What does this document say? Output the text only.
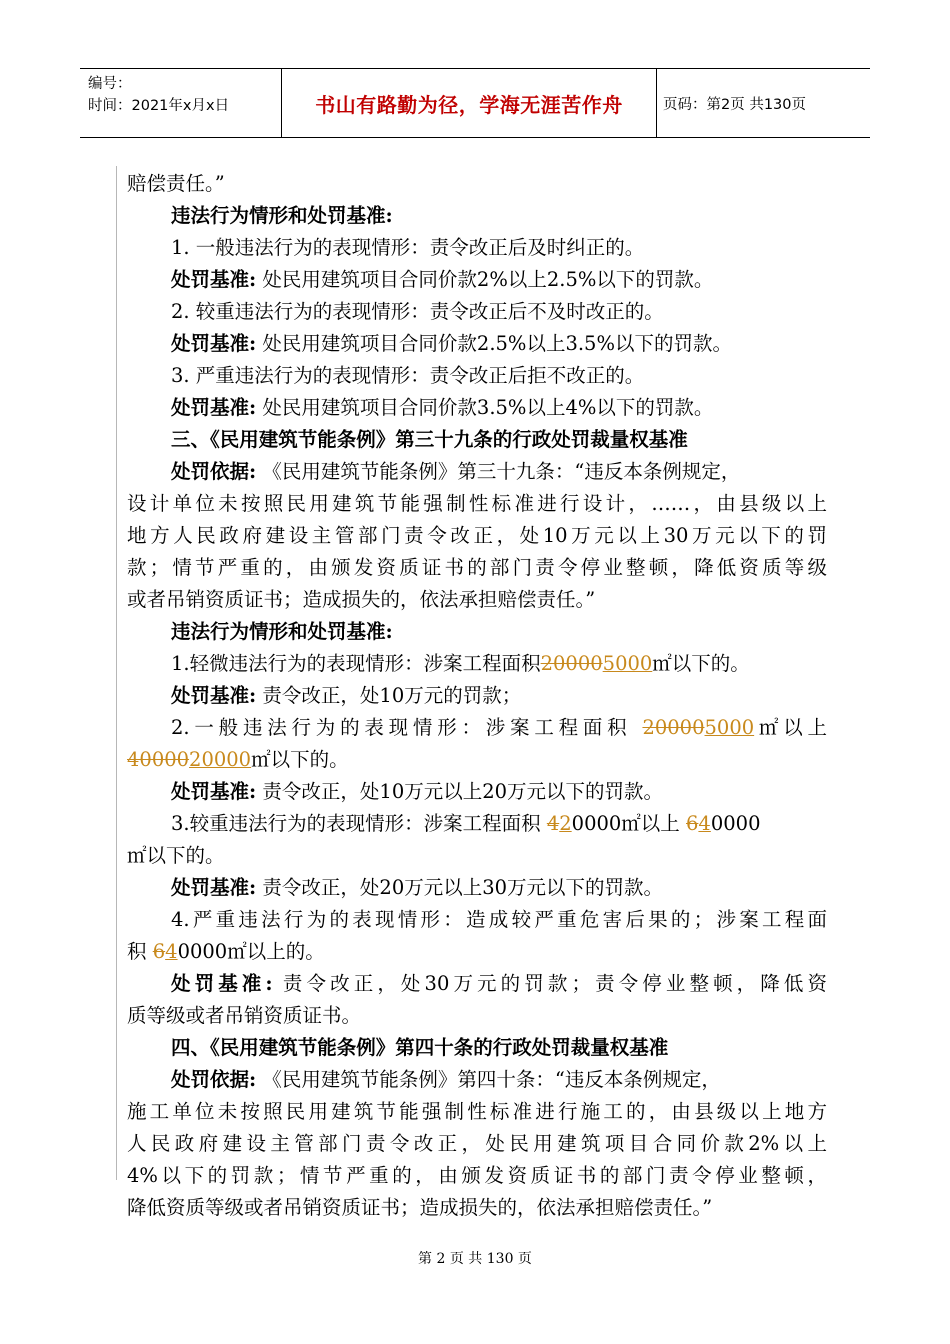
编号：
时间：2021年x月x日	书山有路勤为径，学海无涯苦作舟	页码：第2页 共130页
赔偿责任。”
违法行为情形和处罚基准:
1. 一般违法行为的表现情形：责令改正后及时纠正的。
处罚基准: 处民用建筑项目合同价款2%以上2.5%以下的罚款。
2. 较重违法行为的表现情形：责令改正后不及时改正的。
处罚基准: 处民用建筑项目合同价款2.5%以上3.5%以下的罚款。
3. 严重违法行为的表现情形：责令改正后拒不改正的。
处罚基准: 处民用建筑项目合同价款3.5%以上4%以下的罚款。
三、《民用建筑节能条例》第三十九条的行政处罚裁量权基准
处罚依据: 《民用建筑节能条例》第三十九条：“违反本条例规定，
设计单位未按照民用建筑节能强制性标准进行设计，……，由县级以上
地方人民政府建设主管部门责令改正，处10万元以上30万元以下的罚
款；情节严重的，由颁发资质证书的部门责令停业整顿，降低资质等级
或者吊销资质证书；造成损失的，依法承担赔偿责任。”
违法行为情形和处罚基准:
1.轻微违法行为的表现情形：涉案工程面积200005000㎡以下的。
处罚基准: 责令改正，处10万元的罚款；
2.一般违法行为的表现情形：涉案工程面积 200005000㎡以上
4000020000㎡以下的。
处罚基准: 责令改正，处10万元以上20万元以下的罚款。
3.较重违法行为的表现情形：涉案工程面积 420000㎡以上 640000
㎡以下的。
处罚基准: 责令改正，处20万元以上30万元以下的罚款。
4.严重违法行为的表现情形：造成较严重危害后果的；涉案工程面
积 640000㎡以上的。
处罚基准: 责令改正，处30万元的罚款；责令停业整顿，降低资
质等级或者吊销资质证书。
四、《民用建筑节能条例》第四十条的行政处罚裁量权基准
处罚依据: 《民用建筑节能条例》第四十条：“违反本条例规定，
施工单位未按照民用建筑节能强制性标准进行施工的，由县级以上地方
人民政府建设主管部门责令改正，处民用建筑项目合同价款2%以上
4%以下的罚款；情节严重的，由颁发资质证书的部门责令停业整顿，
降低资质等级或者吊销资质证书；造成损失的，依法承担赔偿责任。”
第 2 页 共 130 页
